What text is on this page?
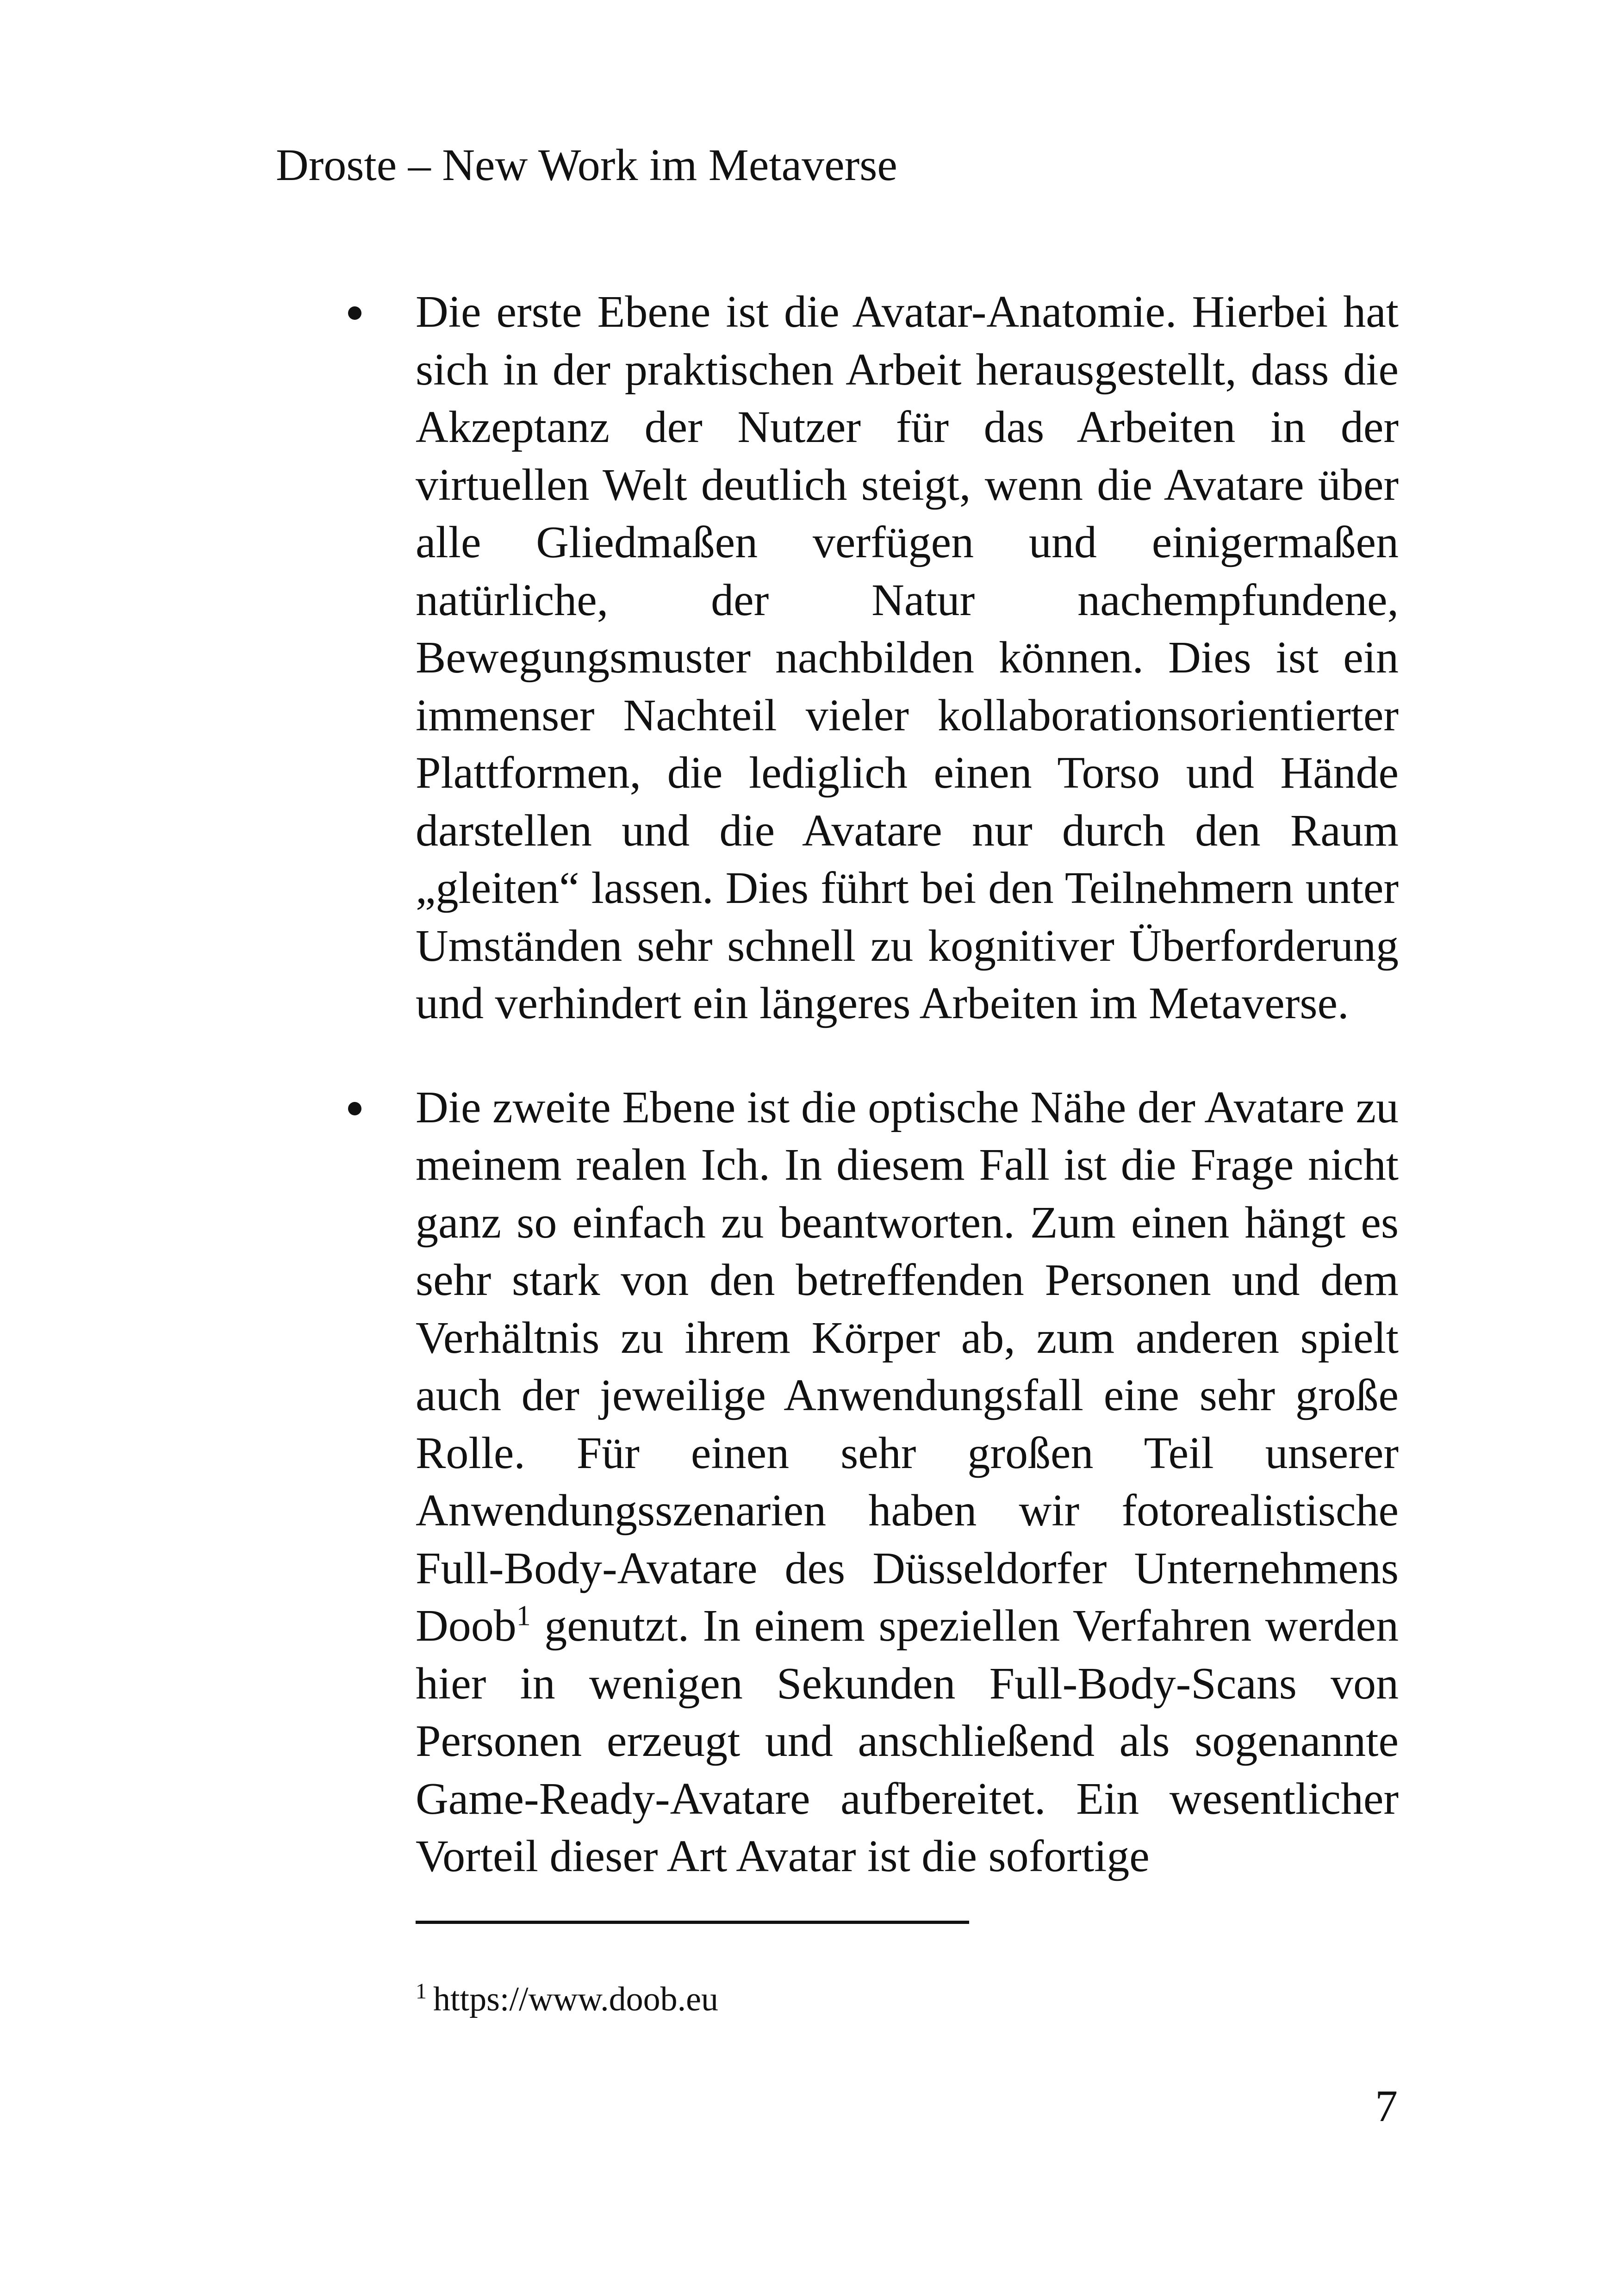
Droste – New Work im Metaverse
Die erste Ebene ist die Avatar-Anatomie. Hierbei hat sich in der praktischen Arbeit herausgestellt, dass die Akzeptanz der Nutzer für das Arbeiten in der virtuellen Welt deutlich steigt, wenn die Avatare über alle Gliedmaßen verfügen und einigermaßen natürliche, der Natur nachempfundene, Bewegungsmuster nachbilden können. Dies ist ein immenser Nachteil vieler kollaborationsorientierter Plattformen, die lediglich einen Torso und Hände darstellen und die Avatare nur durch den Raum „gleiten“ lassen. Dies führt bei den Teilnehmern unter Umständen sehr schnell zu kognitiver Überforderung und verhindert ein längeres Arbeiten im Metaverse.
Die zweite Ebene ist die optische Nähe der Avatare zu meinem realen Ich. In diesem Fall ist die Frage nicht ganz so einfach zu beantworten. Zum einen hängt es sehr stark von den betreffenden Personen und dem Verhältnis zu ihrem Körper ab, zum anderen spielt auch der jeweilige Anwendungsfall eine sehr große Rolle. Für einen sehr großen Teil unserer Anwendungsszenarien haben wir fotorealistische Full-Body-Avatare des Düsseldorfer Unternehmens Doob$^1$ genutzt. In einem speziellen Verfahren werden hier in wenigen Sekunden Full-Body-Scans von Personen erzeugt und anschließend als sogenannte Game-Ready-Avatare aufbereitet. Ein wesentlicher Vorteil dieser Art Avatar ist die sofortige
$^1$ https://www.doob.eu
7
